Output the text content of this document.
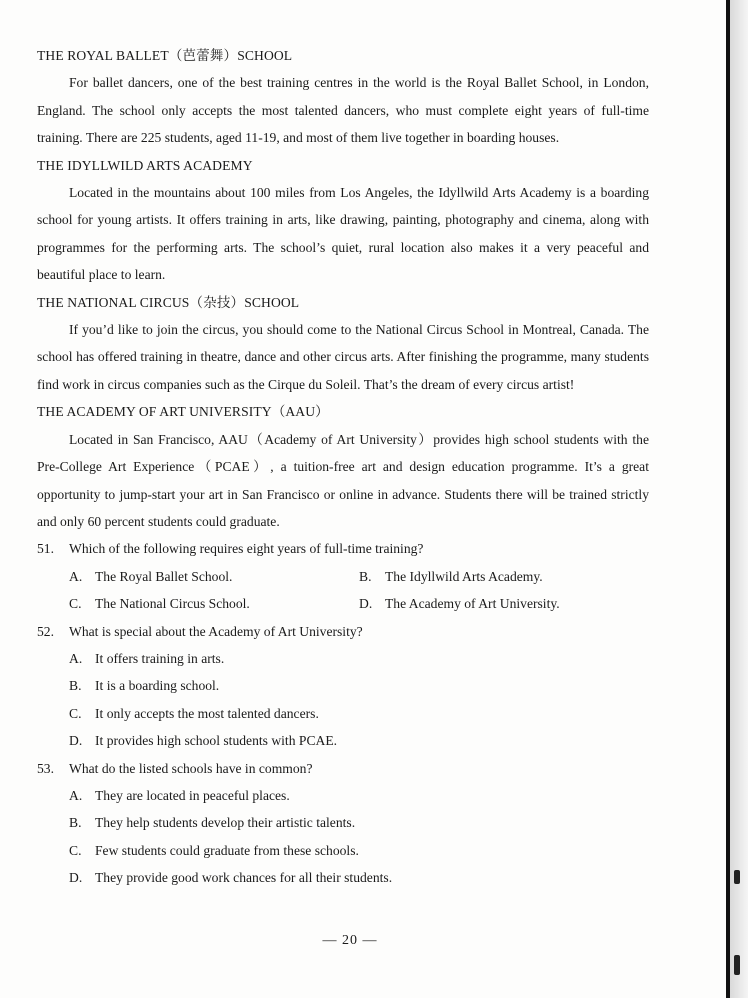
THE ROYAL BALLET（芭蕾舞）SCHOOL

For ballet dancers, one of the best training centres in the world is the Royal Ballet School, in London, England. The school only accepts the most talented dancers, who must complete eight years of full-time training. There are 225 students, aged 11-19, and most of them live together in boarding houses.

THE IDYLLWILD ARTS ACADEMY

Located in the mountains about 100 miles from Los Angeles, the Idyllwild Arts Academy is a boarding school for young artists. It offers training in arts, like drawing, painting, photography and cinema, along with programmes for the performing arts. The school’s quiet, rural location also makes it a very peaceful and beautiful place to learn.

THE NATIONAL CIRCUS（杂技）SCHOOL

If you’d like to join the circus, you should come to the National Circus School in Montreal, Canada. The school has offered training in theatre, dance and other circus arts. After finishing the programme, many students find work in circus companies such as the Cirque du Soleil. That’s the dream of every circus artist!

THE ACADEMY OF ART UNIVERSITY（AAU）

Located in San Francisco, AAU（Academy of Art University）provides high school students with the Pre-College Art Experience（PCAE）, a tuition-free art and design education programme. It’s a great opportunity to jump-start your art in San Francisco or online in advance. Students there will be trained strictly and only 60 percent students could graduate.

51. Which of the following requires eight years of full-time training?

A. The Royal Ballet School.	B. The Idyllwild Arts Academy.
C. The National Circus School.	D. The Academy of Art University.

52. What is special about the Academy of Art University?

A. It offers training in arts.

B. It is a boarding school.

C. It only accepts the most talented dancers.

D. It provides high school students with PCAE.

53. What do the listed schools have in common?

A. They are located in peaceful places.

B. They help students develop their artistic talents.

C. Few students could graduate from these schools.

D. They provide good work chances for all their students.

— 20 —
